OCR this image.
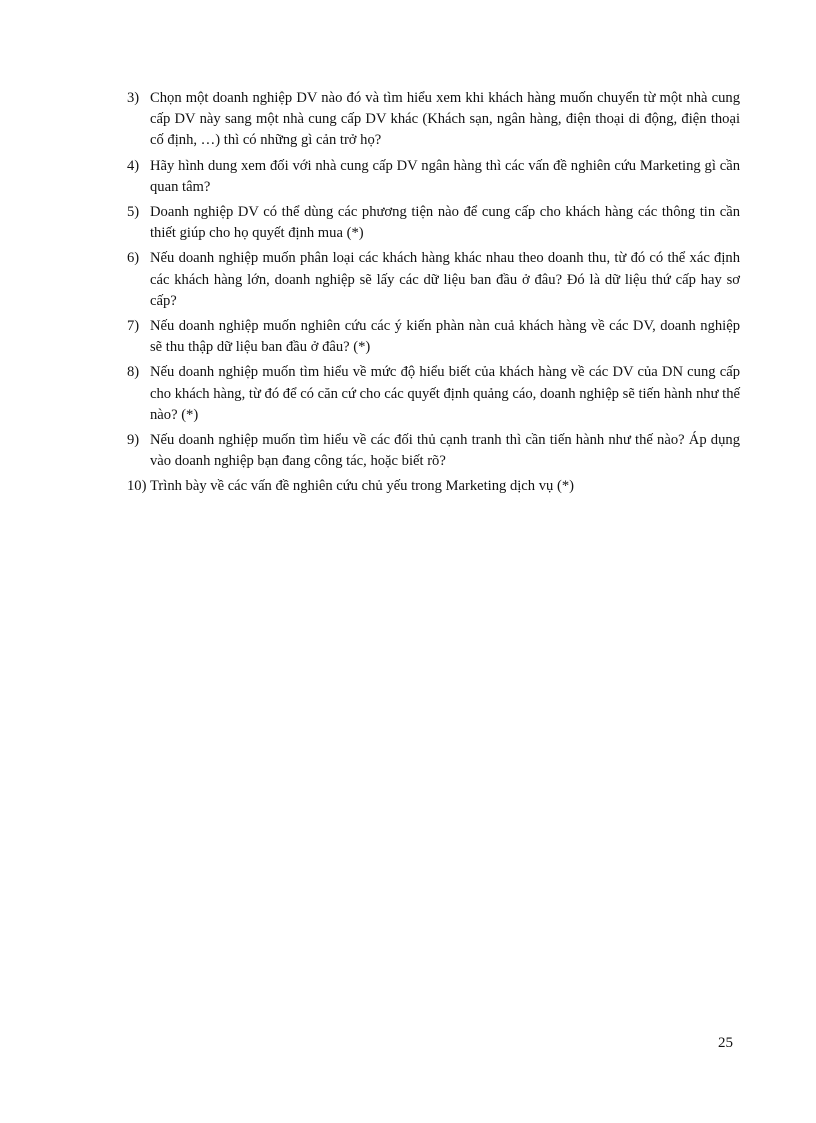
3) Chọn một doanh nghiệp DV nào đó và tìm hiểu xem khi khách hàng muốn chuyển từ một nhà cung cấp DV này sang một nhà cung cấp DV khác (Khách sạn, ngân hàng, điện thoại di động, điện thoại cố định, …) thì có những gì cản trở họ?
4) Hãy hình dung xem đối với nhà cung cấp DV ngân hàng thì các vấn đề nghiên cứu Marketing gì cần quan tâm?
5) Doanh nghiệp DV có thể dùng các phương tiện nào để cung cấp cho khách hàng các thông tin cần thiết giúp cho họ quyết định mua (*)
6) Nếu doanh nghiệp muốn phân loại các khách hàng khác nhau theo doanh thu, từ đó có thể xác định các khách hàng lớn, doanh nghiệp sẽ lấy các dữ liệu ban đầu ở đâu? Đó là dữ liệu thứ cấp hay sơ cấp?
7) Nếu doanh nghiệp muốn nghiên cứu các ý kiến phàn nàn cuả khách hàng về các DV, doanh nghiệp sẽ thu thập dữ liệu ban đầu ở đâu? (*)
8) Nếu doanh nghiệp muốn tìm hiểu về mức độ hiểu biết của khách hàng về các DV của DN cung cấp cho khách hàng, từ đó để có căn cứ cho các quyết định quảng cáo, doanh nghiệp sẽ tiến hành như thế nào? (*)
9) Nếu doanh nghiệp muốn tìm hiểu về các đối thủ cạnh tranh thì cần tiến hành như thế nào? Áp dụng vào doanh nghiệp bạn đang công tác, hoặc biết rõ?
10) Trình bày về các vấn đề nghiên cứu chủ yếu trong Marketing dịch vụ (*)
25
